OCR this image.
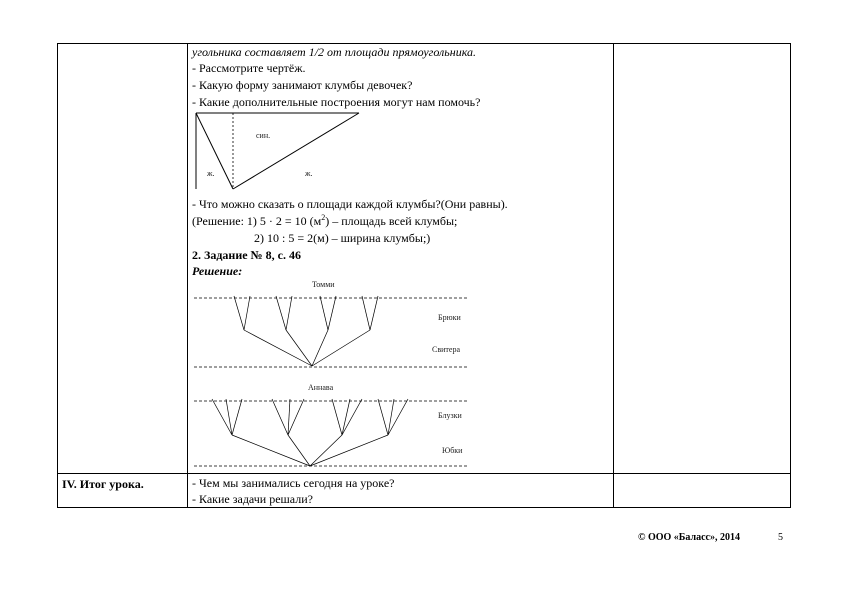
угольника составляет 1/2 от площади прямоугольника.
- Рассмотрите чертёж.
- Какую форму занимают клумбы девочек?
- Какие дополнительные построения могут нам помочь?
син.
ж.	ж.
- Что можно сказать о площади каждой клумбы?(Они равны).
(Решение: 1) 5 · 2 = 10 $(м^2)$ – площадь всей клумбы;
2) 10 : 5 = 2(м) – ширина клумбы;)
2. Задание № 8, с. 46
Решение:
Томми
Брюки
Свитера
Аннава
Блузки
Юбки
IV. Итог урока.	- Чем мы занимались сегодня на уроке?
- Какие задачи решали?
© ООО «Баласс», 2014	5
